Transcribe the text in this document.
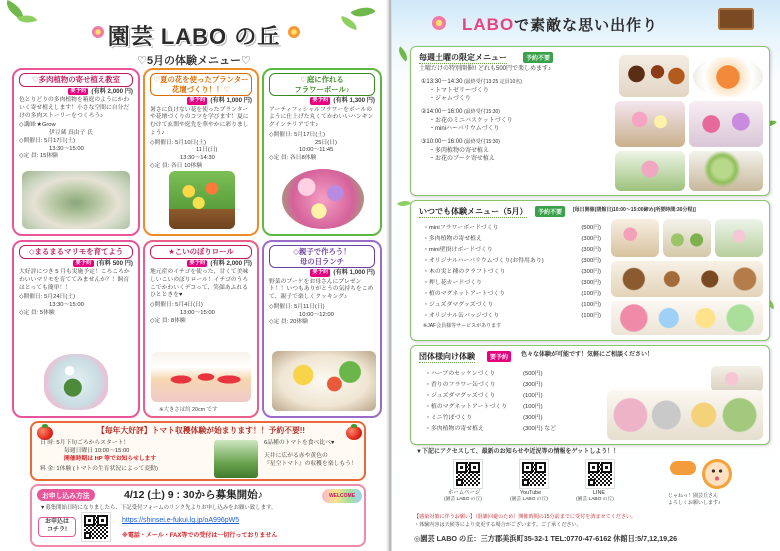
園芸 LABO の丘
♡5月の体験メニュー♡
♡多肉植物の寄せ植え教室
要予約 (有料 2,000 円)
色とりどりの多肉植物を箱庭のようにかわいく寄せ植えします！小さな空間に自分だけの多肉ストーリーをつくろう♪
◇講師:★Grow
伊豆蔵 真由子 氏
◇開催日: 5月17日(土)
13:30～15:00
◇定 員: 15体験
♡夏の花を使ったプランター
花壇づくり！！♡
要予約 (有料 1,000 円)
暑さに負けない花を使ったプランターや花壇づくりのコツを学びます！夏にむけて玄関や庭先を華やかに彩りましょう♪
◇開催日: 5月10日(土)
11日(日)
13:30～14:30
◇定 員: 各日 10体験
♡庭に作れる
フラワーボール♪
要予約 (有料 1,300 円)
アーティフィシャルフラワーをボールのように仕上げた丸くてかわいいハンギングインテリアです♪
◇開催日: 5月17日(土)
25日(日)
10:00～11:45
◇定 員: 各日8体験
◇まるまるマリモを育てよう
要予約 (有料 500 円)
大好評につき 5 月も実施予定！ころころかわいいマリモを育ててみませんか？！飼育はとっても簡単！！
◇開催日: 5月24日(土)
13:30～15:00
◇定 員: 5体験
★こいのぼりロール
要予約 (有料 2,000 円)
地元産のイチゴを使った、甘くて美味しいこいのぼりロール！イチゴのうろこでかわいくデコって、笑顔あふれるひとときを♥
◇開催日: 5月4日(日)
13:00～15:00
◇定 員: 8体験
※大きさは約 20cm です
◇親子で作ろう！
母の日ランチ
要予約 (有料 1,000 円)
野菜のブーケをお母さんにプレゼント！！いつもありがとうの気持ちをこめて、親子で楽しくクッキング♪
◇開催日: 5月11日(日)
10:00～12:00
◇定 員: 20体験
【毎年大好評】トマト収穫体験が始まります！！予約不要!!
日 時: 5月下旬ごろからスタート！
毎週日曜日 10:00～15:00
開催時期は HP 等でお知らせします
料 金: 1体験 (トマトの生育状況によって変動)
6品種のトマトを食べ比べ♥
天井に広がる赤や黄色の
『星空トマト』の収穫を楽しもう！
お申し込み方法	4/12 (土) 9 : 30から募集開始♪	WELCOME
▼募集開始日時になりましたら、下記受付フォームのリンク先よりお申し込みをお願い致します。
お申込は
コチラ!
https://shinsei.e-fukui.lg.jp/oA996pW5
※電話・メール・FAX等での受付は一切行っておりません
LABOで素敵な思い出作り
毎週土曜の限定メニュー	予約不要
土曜だけの特別開催!! どれも500円で楽しめます♪
①13:30～14:30 (最終受付13:25 定員10名)
・トマトゼリーづくり
・ジャムづくり
②14:00～16:00 (最終受付15:30)
・お花のミニバスケットづくり
・miniハーバリウムづくり
③10:00～16:00 (最終受付15:30)
・多肉植物の寄せ植え
・お花のブーケ寄せ植え
いつでも体験メニュー（5月）	予約不要	[毎日開催(閉館日)10:00～15:00締め(所要時間:30分程)]
・miniフラワーボードづくり	(500円)
・多肉植物の寄せ植え	(300円)
・mini壁掛けボードづくり	(300円)
・オリジナルハーバリウムづくり(お得用あり)	(300円)
・木の実と種のクラフトづくり	(300円)
・押し花カードづくり	(300円)
・植のマグネットアートづくり	(100円)
・ジュズダマグッズづくり	(100円)
・オリジナル缶バッジづくり	(100円)
※JAF会員様等サービスがあります
団体様向け体験	要予約	色々な体験が可能です！気軽にご相談ください！
・ハーブのセッケンづくり	(500円)
・香りのフラワー缶づくり	(300円)
・ジュズダマグッズづくり	(100円)
・植のマグネットアートづくり	(100円)
・ミニ竹ぽづくり	(300円)
・多肉植物の寄せ植え	(300円) など
▼下記にアクセスして、最新のお知らせや近況等の情報をゲットしよう！！
ホームページ
(園芸 LABO の丘)
YouTube
(園芸 LABO の丘)
LINE
(園芸 LABO の丘)
じゃねっ！園芸丘さん
よろしくお願いします♪
【感染対策に伴うお願い】（混雑回避のため）開催時間の15分前までに受付を済ませてください。
・体験内容は天候等により変更する場合がございます。ご了承ください。
◎園芸 LABO の丘：三方郡美浜町35-32-1 TEL:0770-47-6162 休館日:5/7,12,19,26
